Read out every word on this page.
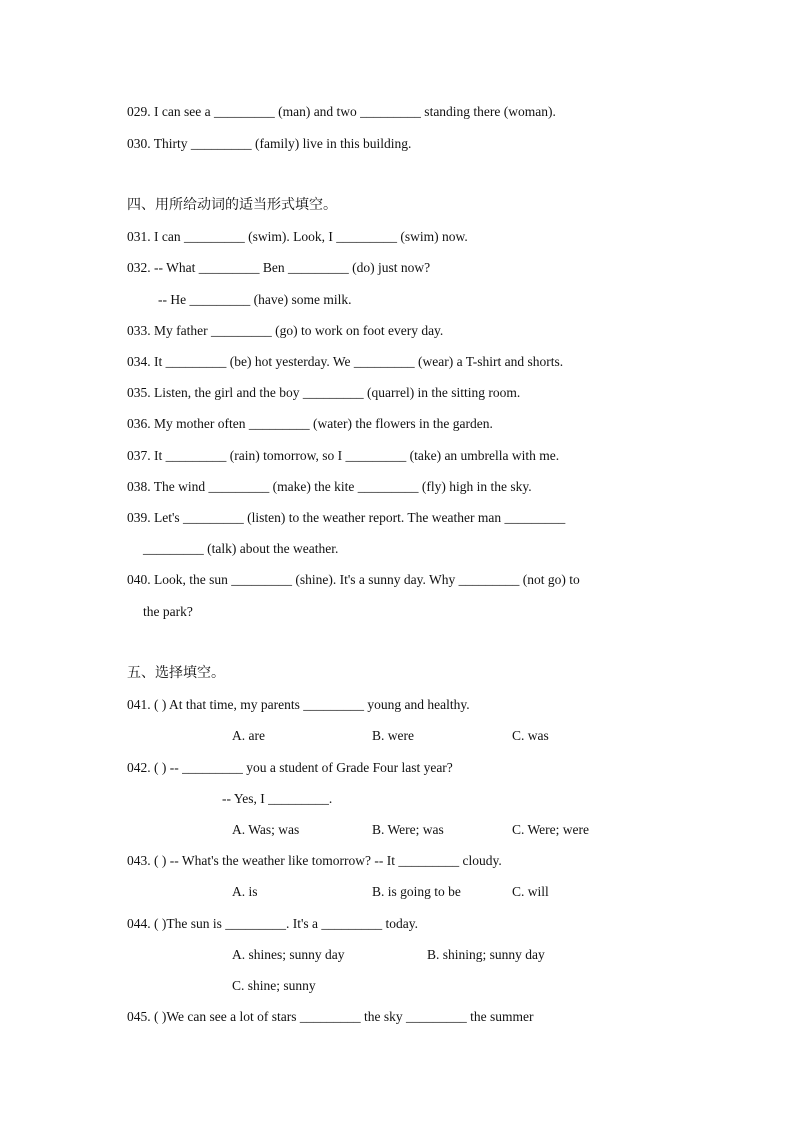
029. I can see a _________ (man) and two _________ standing there (woman).
030. Thirty _________ (family) live in this building.
四、用所给动词的适当形式填空。
031. I can _________ (swim). Look, I _________ (swim) now.
032. -- What _________ Ben _________ (do) just now?
-- He _________ (have) some milk.
033. My father _________ (go) to work on foot every day.
034. It _________ (be) hot yesterday. We _________ (wear) a T-shirt and shorts.
035. Listen, the girl and the boy _________ (quarrel) in the sitting room.
036. My mother often _________ (water) the flowers in the garden.
037. It _________ (rain) tomorrow, so I _________ (take) an umbrella with me.
038. The wind _________ (make) the kite _________ (fly) high in the sky.
039. Let's _________ (listen) to the weather report. The weather man _________
_________ (talk) about the weather.
040. Look, the sun _________ (shine). It's a sunny day. Why _________ (not go) to
the park?
五、选择填空。
041. ( ) At that time, my parents _________ young and healthy.
A. are	B. were	C. was
042. ( ) -- _________ you a student of Grade Four last year?
-- Yes, I _________.
A. Was; was	B. Were; was	C. Were; were
043. ( ) -- What's the weather like tomorrow? -- It _________ cloudy.
A. is	B. is going to be	C. will
044. ( )The sun is _________. It's a _________ today.
A. shines; sunny day	B. shining; sunny day
C. shine; sunny
045. ( )We can see a lot of stars _________ the sky _________ the summer
